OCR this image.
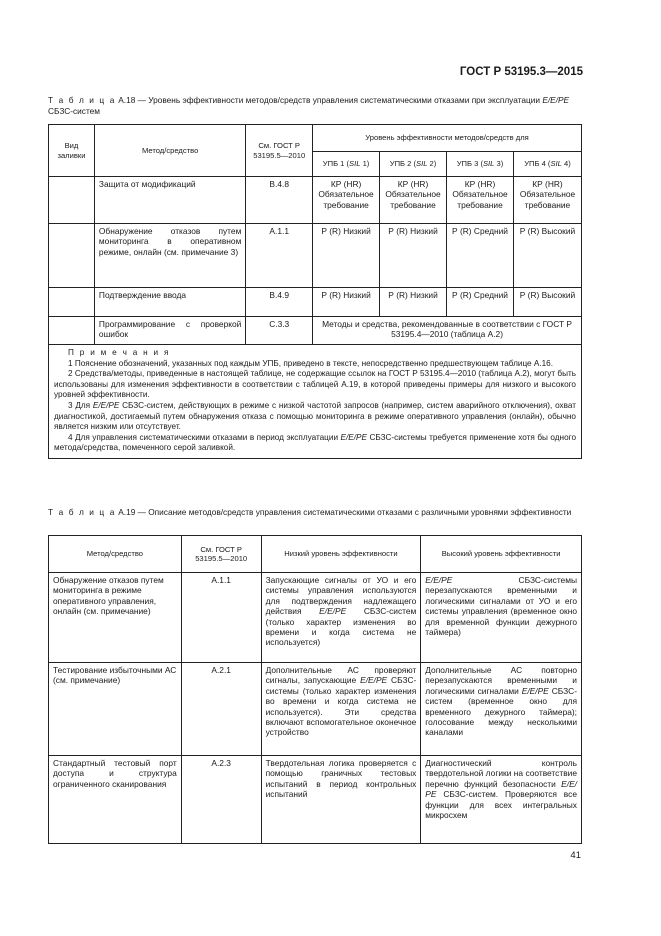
ГОСТ Р 53195.3—2015
Т а б л и ц а А.18 — Уровень эффективности методов/средств управления систематическими отказами при эксплуатации Е/Е/РЕ СБЗС-систем
Вид заливки	Метод/средство	См. ГОСТ Р 53195.5—2010	Уровень эффективности методов/средств для			
			УПБ 1 (SIL 1)	УПБ 2 (SIL 2)	УПБ 3 (SIL 3)	УПБ 4 (SIL 4)
	Защита от модификаций	B.4.8	КР (HR) Обязательное требование	КР (HR) Обязательное требование	КР (HR) Обязательное требование	КР (HR) Обязательное требование
	Обнаружение отказов путем мониторинга в оперативном режиме, онлайн (см. примечание 3)	А.1.1	Р (R) Низкий	Р (R) Низкий	Р (R) Средний	Р (R) Высокий
	Подтверждение ввода	В.4.9	Р (R) Низкий	Р (R) Низкий	Р (R) Средний	Р (R) Высокий
	Программирование с проверкой ошибок	С.3.3	Методы и средства, рекомендованные в соответствии с ГОСТ Р 53195.4—2010 (таблица А.2)			

П р и м е ч а н и я

1 Пояснение обозначений, указанных под каждым УПБ, приведено в тексте, непосредственно предшествующем таблице А.16.

2 Средства/методы, приведенные в настоящей таблице, не содержащие ссылок на ГОСТ Р 53195.4—2010 (таблица А.2), могут быть использованы для изменения эффективности в соответствии с таблицей А.19, в которой приведены примеры для низкого и высокого уровней эффективности.

3 Для Е/Е/РЕ СБЗС-систем, действующих в режиме с низкой частотой запросов (например, систем аварийного отключения), охват диагностикой, достигаемый путем обнаружения отказа с помощью мониторинга в режиме оперативного управления (онлайн), обычно является низким или отсутствует.

4 Для управления систематическими отказами в период эксплуатации Е/Е/РЕ СБЗС-системы требуется применение хотя бы одного метода/средства, помеченного серой заливкой.						

Т а б л и ц а А.19 — Описание методов/средств управления систематическими отказами с различными уровнями эффективности
Метод/средство	См. ГОСТ Р 53195.5—2010	Низкий уровень эффективности	Высокий уровень эффективности
Обнаружение отказов путем мониторинга в режиме оперативного управления, онлайн (см. примечание)	А.1.1	Запускающие сигналы от УО и его системы управления используются для подтверждения надлежащего действия Е/Е/РЕ СБЗС-систем (только характер изменения во времени и когда система не используется)	Е/Е/РЕ СБЗС-системы перезапускаются временными и логическими сигналами от УО и его системы управления (временное окно для временной функции дежурного таймера)
Тестирование избыточными АС (см. примечание)	А.2.1	Дополнительные АС проверяют сигналы, запускающие Е/Е/РЕ СБЗС-системы (только характер изменения во времени и когда система не используется). Эти средства включают вспомогательное оконечное устройство	Дополнительные АС повторно перезапускаются временными и логическими сигналами Е/Е/РЕ СБЗС-систем (временное окно для временного дежурного таймера); голосование между несколькими каналами
Стандартный тестовый порт доступа и структура ограниченного сканирования	А.2.3	Твердотельная логика проверяется с помощью граничных тестовых испытаний в период контрольных испытаний	Диагностический контроль твердотельной логики на соответствие перечню функций безопасности Е/Е/РЕ СБЗС-систем. Проверяются все функции для всех интегральных микросхем
41
